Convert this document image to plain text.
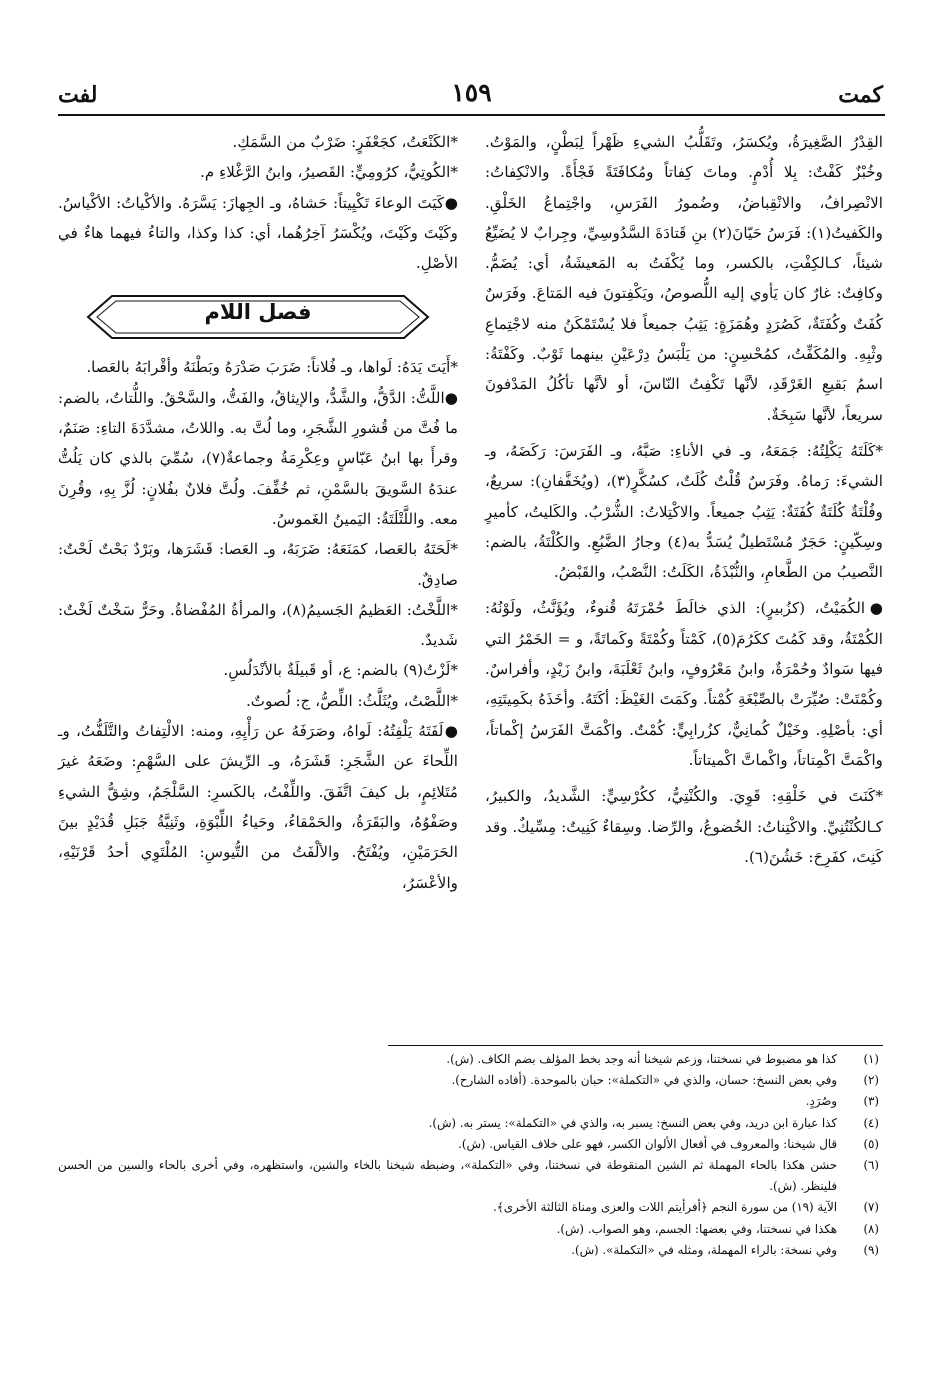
كمت
١٥٩
لفت

القِدْرُ الصَّغِيرَةُ، ويُكسَرُ، وتَقَلُّبُ الشيءِ ظَهْراً لِبَطْنٍ، والمَوْتُ. وخُبْزٌ كَفْتٌ: بِلا أُدْمٍ. وماتَ كِفاتاً ومُكافَتَةً فَجْأَةً. والانْكِفاتُ: الانْصِرافُ، والانْقِباضُ، وضُمورُ الفَرَسِ، واجْتِماعُ الخَلْقِ. والكَفيتُ(١): فَرَسُ حَيّانَ(٢) بنِ قَتادَةَ السَّدُوسِيِّ، وجِرابٌ لا يُضَيِّعُ شيئاً، كـالكِفْتِ، بالكسر، وما يُكْفَتُ به المَعيشَةُ، أي: يُضَمُّ. وكافِتٌ: غارٌ كان يَأوي إليه اللُّصوصُ، ويَكْفِتونَ فيه المَتاعَ. وفَرَسٌ كُفَتٌ وكُفَتَةٌ، كَصُرَدٍ وهُمَزَةٍ: يَثِبُ جميعاً فلا يُسْتَمْكَنُ منه لاجْتِماعِ وثْبِهِ. والمُكَفِّتُ، كمُحْسِنٍ: من يَلْبَسُ دِرْعَيْنِ بينهما ثَوْبٌ. وكَفْتَةُ: اسمُ بَقيعِ الغَرْقَدِ، لأنَّها تَكْفِتُ النّاسَ، أو لأنَّها تأكُلُ المَدْفونَ سريعاً، لأنَّها سَبِخَةٌ.

*كَلَتَهُ يَكْلِتُهُ: جَمَعَهُ، وـ في الأناءِ: صَبَّهُ، وـ الفَرَسَ: رَكَضَهُ، وـ الشيءَ: رَماهُ. وفَرَسٌ قُلْتٌ كُلَتٌ، كسُكَّرٍ(٣)، (ويُخَفَّفانِ): سريعٌ، وفُلْتَةٌ كُلَتَةٌ كُفَتَةٌ: يَثِبُ جميعاً. والاكْتِلاتُ: الشُّرْبُ. والكَليتُ، كأميرٍ وسِكّينٍ: حَجَرٌ مُسْتَطيلٌ يُسَدُّ به(٤) وجارُ الضَّبُعِ. والكُلْتَةُ، بالضم: النَّصيبُ من الطَّعامِ، والنُّبْذَةُ، الكَلَتُ: النَّصْبُ، والقَبْضُ.

●الكُمَيْتُ، (كزُبيرٍ): الذي خالَطَ حُمْرَتَهُ قُنوءٌ، ويُؤَنَّثُ، ولَوْنُهُ: الكُمْتَةُ، وقد كَمُتَ ككَرُمَ(٥)، كَمْتاً وكُمْتَةً وكَماتَةً، و = الخَمْرُ التي فيها سَوادٌ وحُمْرَةٌ، وابنُ مَعْرُوفٍ، وابنُ ثَعْلَبَةَ، وابنُ زَيْدٍ، وأفراسٌ. وكُمْتَتْ: صُيِّرَتْ بالصِّبْغَةِ كُمْتاً. وكَمَتَ الغَيْظَ: أكَتَهُ. وأخَذَهُ بكَمِيتَتِهِ، أي: بأصْلِهِ. وخَيْلٌ كُمانِيٌّ، كزُرابِيٍّ: كُمْتٌ. واكْمَتَّ الفَرَسُ إكْماتاً، واكْمَتَّ اكْمِتاتاً، واكْماتَّ اكْميتاتاً.

*كَنَتَ في خَلْقِهِ: قَوِيَ. والكُنْتِيُّ، ككُرْسِيٍّ: الشَّديدُ، والكبيرُ، كـالكُنْتُنِيِّ. والاكْتِناتُ: الخُضوعُ، والرِّضا. وسِقاءٌ كَنِيتٌ: مِسِّيكٌ. وقد كَنِتَ، كفَرِحَ: خَشُنَ(٦).

*الكَنْعَتُ، كجَعْفَرٍ: ضَرْبٌ من السَّمَكِ.

*الكُوتِيُّ، كرُومِيٍّ: القَصيرُ، وابنُ الرَّغْلاءِ م.

●كَيَتَ الوعاءَ تَكْيِيتاً: حَشاهُ، وـ الجِهازَ: يَسَّرَهُ. والأكْياتُ: الأكْياسُ. وكَيْتَ وكَيْتَ، ويُكْسَرُ آخِرُهُما، أي: كذا وكذا، والتاءُ فيهما هاءٌ في الأصْلِ.

فصل اللام

*أَيَتَ يَدَهُ: لَواها، وـ فُلاناً: ضَرَبَ صَدْرَهُ وبَطْنَهُ وأقْرابَهُ بالعَصا.

●اللَّتُّ: الدَّقُّ، والشَّدُّ، والإيثاقُ، والفَتُّ، والسَّحْقُ. واللُّتاتُ، بالضم: ما فُتَّ من قُشورِ الشَّجَرِ، وما لُتَّ به. واللاتُ، مشدَّدَةَ التاءِ: صَنَمٌ، وقرأَ بها ابنُ عَبّاسٍ وعِكْرِمَةُ وجماعةٌ(٧)، سُمِّيَ بالذي كان يَلُتُّ عندَهُ السَّويقَ بالسَّمْنِ، ثم خُفِّفَ. ولُتَّ فلانٌ بفُلانٍ: لُزَّ بِهِ، وقُرِنَ معه. واللَّتْلَتَةُ: اليَمينُ الغَموسُ.

*لَحَتَهُ بالعَصا، كمَنَعَهُ: ضَرَبَهُ، وـ العَصا: قَشَرَها، وبَرْدٌ بَحْتٌ لَحْتٌ: صادِقٌ.

*اللَّخْتُ: العَظيمُ الجَسيمُ(٨)، والمرأةُ المُفْضاةُ. وحَرٌّ سَخْتٌ لَخْتٌ: شَديدٌ.

*لَزْتُ(٩) بالضم: ع، أو قَبيلَةٌ بالأنْدَلُسِ.

*اللَّصْتُ، ويُثَلَّثُ: اللِّصُّ، ج: لُصوتٌ.

●لَفَتَهُ يَلْفِتُهُ: لَواهُ، وصَرَفَهُ عن رَأْيِهِ، ومنه: الالْتِفاتُ والتَّلَفُّتُ، وـ اللِّحاءَ عن الشَّجَرِ: قَشَرَهُ، وـ الرِّيشَ على السَّهْمِ: وضَعَهُ غيرَ مُتَلائِمٍ، بل كيفَ اتَّفَقَ. واللِّفْتُ، بالكَسرِ: السَّلْجَمُ، وشِقُّ الشيءِ وصَفْوُهُ، والبَقَرَةُ، والحَمْقاءُ، وحَياءُ اللِّبْوَةِ، وثَنِيَّةُ جَبَلِ قُدَيْدٍ بينَ الحَرَمَيْنِ، ويُفْتَحُ. والألْفَتُ من التُّيوسِ: المُلْتَوِي أحدُ قَرْنَيْهِ، والأعْسَرُ،

(١)
كذا هو مضبوط في نسختنا، وزعم شيخنا أنه وجد بخط المؤلف بضم الكاف. (ش).
(٢)
وفي بعض النسخ: حسان، والذي في «التكملة»: حبان بالموحدة. (أفاده الشارح).
(٣)
وصُرَدٍ.
(٤)
كذا عبارة ابن دريد، وفي بعض النسخ: يسبر به، والذي في «التكملة»: يستر به. (ش).
(٥)
قال شيخنا: والمعروف في أفعال الألوان الكسر، فهو على خلاف القياس. (ش).
(٦)
حشن هكذا بالحاء المهملة ثم الشين المنقوطة في نسختنا، وفي «التكملة»، وضبطه شيخنا بالخاء والشين، واستظهره، وفي أخرى بالحاء والسين من الحسن فلينظر. (ش).
(٧)
الآية (١٩) من سورة النجم ﴿أفرأيتم اللات والعزى ومناة الثالثة الأخرى﴾.
(٨)
هكذا في نسختنا، وفي بعضها: الجسم، وهو الصواب. (ش).
(٩)
وفي نسخة: بالراء المهملة، ومثله في «التكملة». (ش).
